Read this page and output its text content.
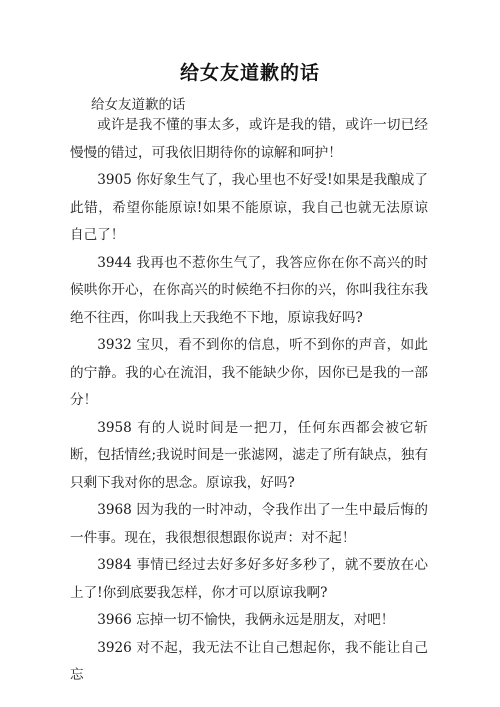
给女友道歉的话
给女友道歉的话

或许是我不懂的事太多，或许是我的错，或许一切已经慢慢的错过，可我依旧期待你的谅解和呵护！

3905 你好象生气了，我心里也不好受!如果是我酿成了此错，希望你能原谅!如果不能原谅，我自己也就无法原谅自己了！

3944 我再也不惹你生气了，我答应你在你不高兴的时候哄你开心，在你高兴的时候绝不扫你的兴，你叫我往东我绝不往西，你叫我上天我绝不下地，原谅我好吗?

3932 宝贝，看不到你的信息，听不到你的声音，如此的宁静。我的心在流泪，我不能缺少你，因你已是我的一部分！

3958 有的人说时间是一把刀，任何东西都会被它斩断，包括情丝;我说时间是一张滤网，滤走了所有缺点，独有只剩下我对你的思念。原谅我，好吗?

3968 因为我的一时冲动，令我作出了一生中最后悔的一件事。现在，我很想很想跟你说声：对不起！

3984 事情已经过去好多好多好多秒了，就不要放在心上了!你到底要我怎样，你才可以原谅我啊?

3966 忘掉一切不愉快，我俩永远是朋友，对吧！

3926 对不起，我无法不让自己想起你，我不能让自己忘
